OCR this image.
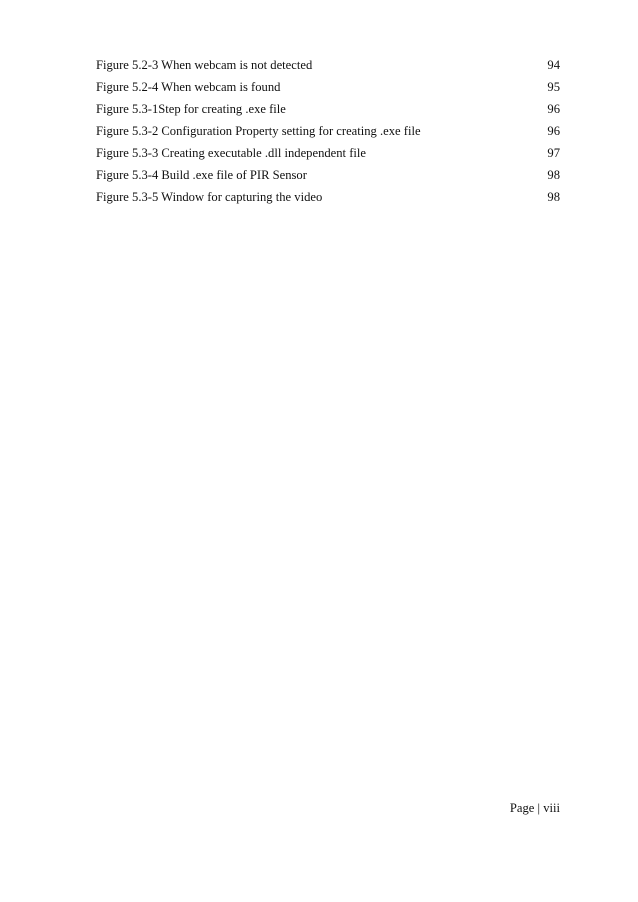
Figure 5.2-3 When webcam is not detected	94
Figure 5.2-4 When webcam is found	95
Figure 5.3-1Step for creating .exe file	96
Figure 5.3-2 Configuration Property setting for creating .exe file	96
Figure 5.3-3 Creating executable .dll independent file	97
Figure 5.3-4 Build .exe file of PIR Sensor	98
Figure 5.3-5 Window for capturing the video	98
Page | viii
